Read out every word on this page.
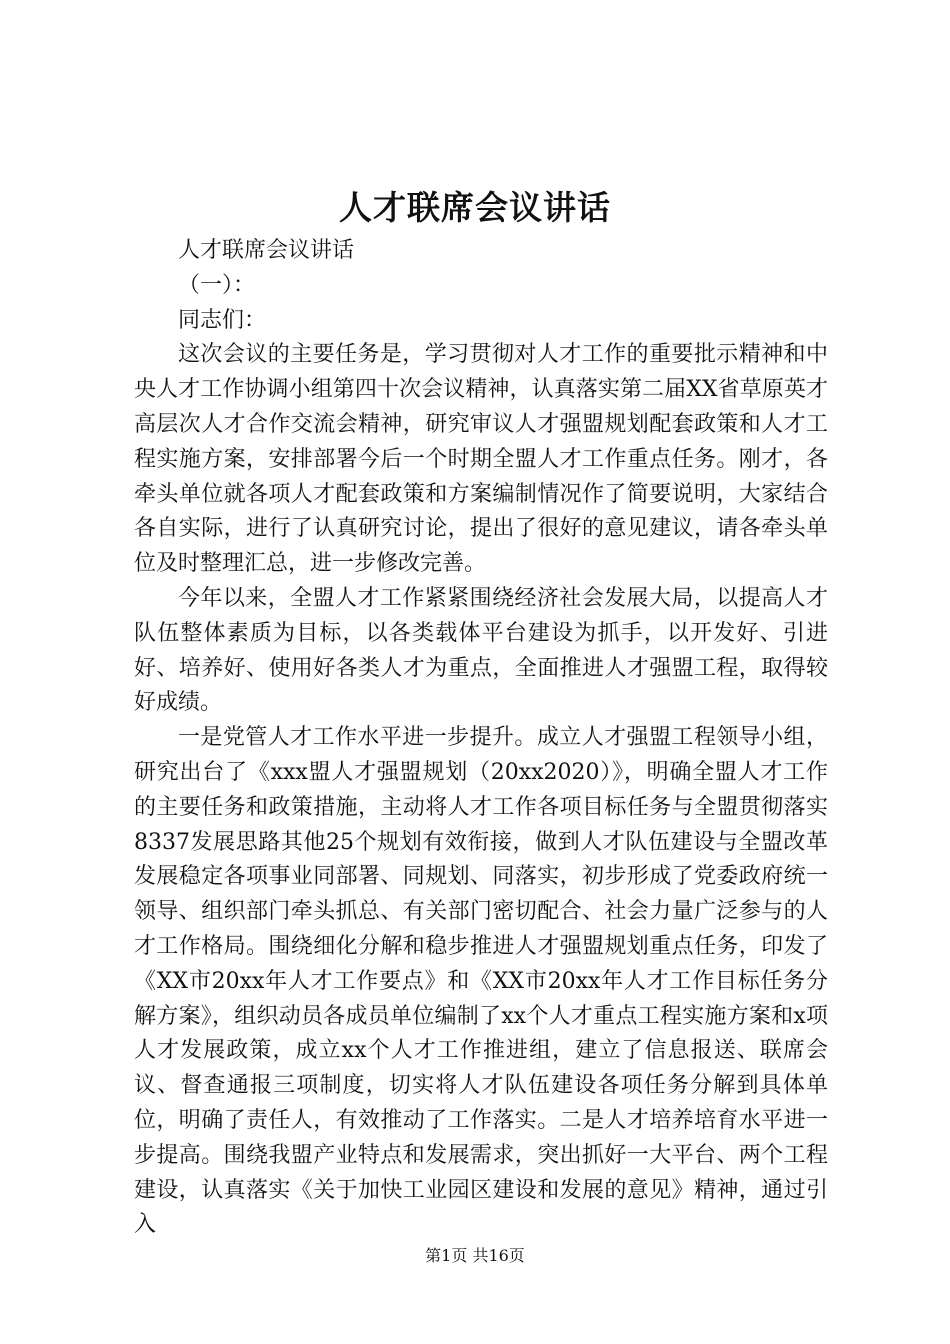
人才联席会议讲话
人才联席会议讲话
（一）：
同志们：

这次会议的主要任务是，学习贯彻对人才工作的重要批示精神和中央人才工作协调小组第四十次会议精神，认真落实第二届XX省草原英才高层次人才合作交流会精神，研究审议人才强盟规划配套政策和人才工程实施方案，安排部署今后一个时期全盟人才工作重点任务。刚才，各牵头单位就各项人才配套政策和方案编制情况作了简要说明，大家结合各自实际，进行了认真研究讨论，提出了很好的意见建议，请各牵头单位及时整理汇总，进一步修改完善。

今年以来，全盟人才工作紧紧围绕经济社会发展大局，以提高人才队伍整体素质为目标，以各类载体平台建设为抓手，以开发好、引进好、培养好、使用好各类人才为重点，全面推进人才强盟工程，取得较好成绩。

一是党管人才工作水平进一步提升。成立人才强盟工程领导小组，研究出台了《xxx盟人才强盟规划（20xx2020）》，明确全盟人才工作的主要任务和政策措施，主动将人才工作各项目标任务与全盟贯彻落实8337发展思路其他25个规划有效衔接，做到人才队伍建设与全盟改革发展稳定各项事业同部署、同规划、同落实，初步形成了党委政府统一领导、组织部门牵头抓总、有关部门密切配合、社会力量广泛参与的人才工作格局。围绕细化分解和稳步推进人才强盟规划重点任务，印发了《XX市20xx年人才工作要点》和《XX市20xx年人才工作目标任务分解方案》，组织动员各成员单位编制了xx个人才重点工程实施方案和x项人才发展政策，成立xx个人才工作推进组，建立了信息报送、联席会议、督查通报三项制度，切实将人才队伍建设各项任务分解到具体单位，明确了责任人，有效推动了工作落实。二是人才培养培育水平进一步提高。围绕我盟产业特点和发展需求，突出抓好一大平台、两个工程建设，认真落实《关于加快工业园区建设和发展的意见》精神，通过引入

第1页 共16页
